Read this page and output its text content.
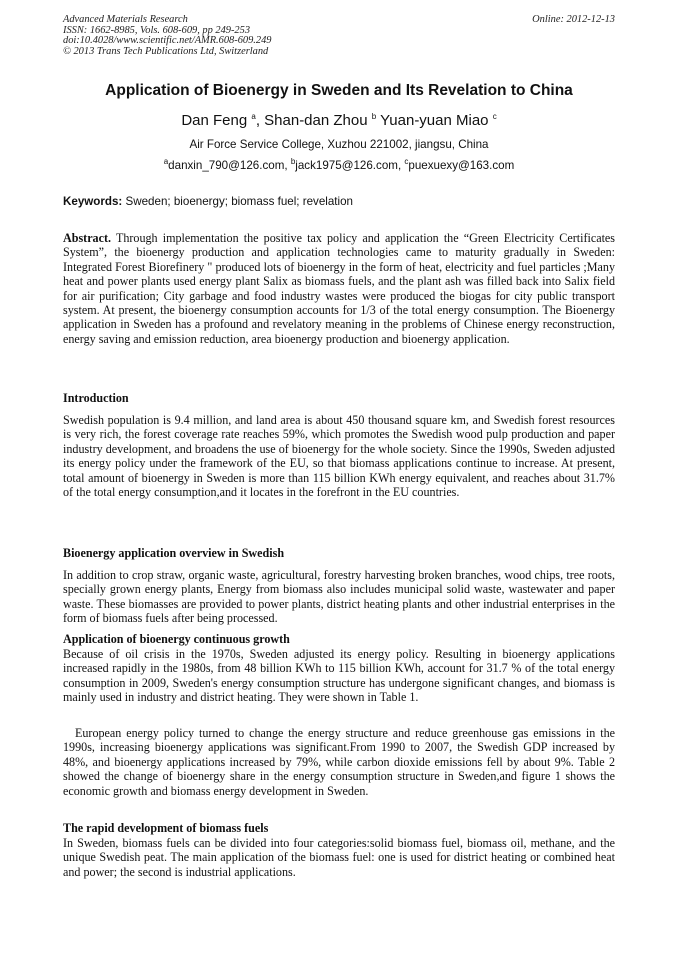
Advanced Materials Research
ISSN: 1662-8985, Vols. 608-609, pp 249-253
doi:10.4028/www.scientific.net/AMR.608-609.249
© 2013 Trans Tech Publications Ltd, Switzerland
Online: 2012-12-13
Application of Bioenergy in Sweden and Its Revelation to China
Dan Feng $^a$, Shan-dan Zhou $^b$ Yuan-yuan Miao $^c$
Air Force Service College, Xuzhou 221002, jiangsu, China
$^a$danxin_790@126.com, $^b$jack1975@126.com, $^c$puexuexy@163.com
Keywords: Sweden; bioenergy; biomass fuel; revelation
Abstract. Through implementation the positive tax policy and application the “Green Electricity Certificates System”, the bioenergy production and application technologies came to maturity gradually in Sweden: Integrated Forest Biorefinery " produced lots of bioenergy in the form of heat, electricity and fuel particles ;Many heat and power plants used energy plant Salix as biomass fuels, and the plant ash was filled back into Salix field for air purification; City garbage and food industry wastes were produced the biogas for city public transport system. At present, the bioenergy consumption accounts for 1/3 of the total energy consumption. The Bioenergy application in Sweden has a profound and revelatory meaning in the problems of Chinese energy reconstruction, energy saving and emission reduction, area bioenergy production and bioenergy application.
Introduction
Swedish population is 9.4 million, and land area is about 450 thousand square km, and Swedish forest resources is very rich, the forest coverage rate reaches 59%, which promotes the Swedish wood pulp production and paper industry development, and broadens the use of bioenergy for the whole society. Since the 1990s, Sweden adjusted its energy policy under the framework of the EU, so that biomass applications continue to increase. At present, total amount of bioenergy in Sweden is more than 115 billion KWh energy equivalent, and reaches about 31.7% of the total energy consumption,and it locates in the forefront in the EU countries.
Bioenergy application overview in Swedish
In addition to crop straw, organic waste, agricultural, forestry harvesting broken branches, wood chips, tree roots, specially grown energy plants, Energy from biomass also includes municipal solid waste, wastewater and paper waste. These biomasses are provided to power plants, district heating plants and other industrial enterprises in the form of biomass fuels after being processed.
Application of bioenergy continuous growth
Because of oil crisis in the 1970s, Sweden adjusted its energy policy. Resulting in bioenergy applications increased rapidly in the 1980s, from 48 billion KWh to 115 billion KWh, account for 31.7 % of the total energy consumption in 2009, Sweden's energy consumption structure has undergone significant changes, and biomass is mainly used in industry and district heating. They were shown in Table 1.
European energy policy turned to change the energy structure and reduce greenhouse gas emissions in the 1990s, increasing bioenergy applications was significant.From 1990 to 2007, the Swedish GDP increased by 48%, and bioenergy applications increased by 79%, while carbon dioxide emissions fell by about 9%. Table 2 showed the change of bioenergy share in the energy consumption structure in Sweden,and figure 1 shows the economic growth and biomass energy development in Sweden.
The rapid development of biomass fuels
In Sweden, biomass fuels can be divided into four categories:solid biomass fuel, biomass oil, methane, and the unique Swedish peat. The main application of the biomass fuel: one is used for district heating or combined heat and power; the second is industrial applications.
